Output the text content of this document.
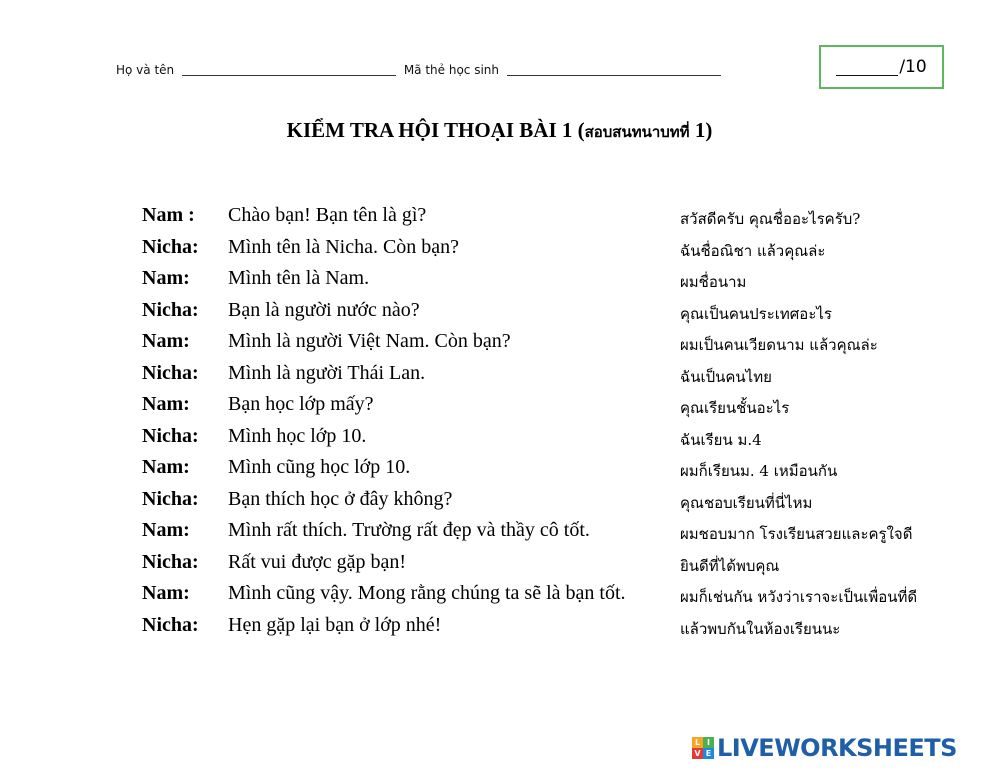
Họ và tên	Mã thẻ học sinh	/10
KIỂM TRA HỘI THOẠI BÀI 1 (สอบสนทนาบทที่ 1)
Nam : Chào bạn! Bạn tên là gì?	สวัสดีครับ คุณชื่ออะไรครับ?
Nicha: Mình tên là Nicha. Còn bạn?	ฉันชื่อณิชา แล้วคุณล่ะ
Nam: Mình tên là Nam.	ผมชื่อนาม
Nicha: Bạn là người nước nào?	คุณเป็นคนประเทศอะไร
Nam: Mình là người Việt Nam. Còn bạn?	ผมเป็นคนเวียดนาม แล้วคุณล่ะ
Nicha: Mình là người Thái Lan.	ฉันเป็นคนไทย
Nam: Bạn học lớp mấy?	คุณเรียนชั้นอะไร
Nicha: Mình học lớp 10.	ฉันเรียน ม.4
Nam: Mình cũng học lớp 10.	ผมก็เรียนม. 4 เหมือนกัน
Nicha: Bạn thích học ở đây không?	คุณชอบเรียนที่นี่ไหม
Nam: Mình rất thích. Trường rất đẹp và thầy cô tốt.	ผมชอบมาก โรงเรียนสวยและครูใจดี
Nicha: Rất vui được gặp bạn!	ยินดีที่ได้พบคุณ
Nam: Mình cũng vậy. Mong rằng chúng ta sẽ là bạn tốt.	ผมก็เช่นกัน หวังว่าเราจะเป็นเพื่อนที่ดี
Nicha: Hẹn gặp lại bạn ở lớp nhé!	แล้วพบกันในห้องเรียนนะ
L I
V E LIVEWORKSHEETS
